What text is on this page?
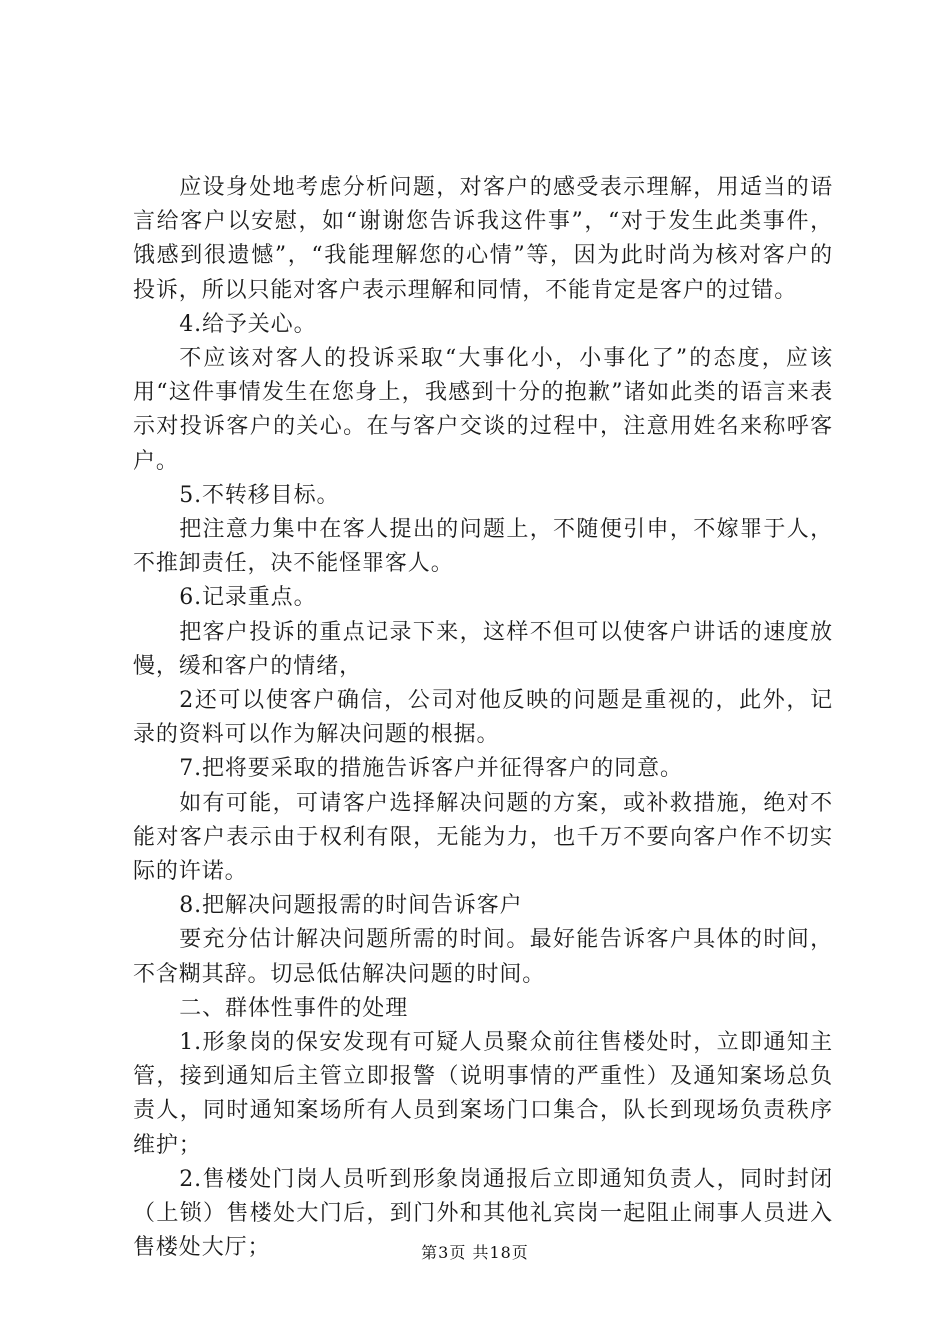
应设身处地考虑分析问题，对客户的感受表示理解，用适当的语言给客户以安慰，如“谢谢您告诉我这件事”，“对于发生此类事件，饿感到很遗憾”，“我能理解您的心情”等，因为此时尚为核对客户的投诉，所以只能对客户表示理解和同情，不能肯定是客户的过错。

4.给予关心。

不应该对客人的投诉采取“大事化小，小事化了”的态度，应该用“这件事情发生在您身上，我感到十分的抱歉”诸如此类的语言来表示对投诉客户的关心。在与客户交谈的过程中，注意用姓名来称呼客户。

5.不转移目标。

把注意力集中在客人提出的问题上，不随便引申，不嫁罪于人，不推卸责任，决不能怪罪客人。

6.记录重点。

把客户投诉的重点记录下来，这样不但可以使客户讲话的速度放慢，缓和客户的情绪，

2还可以使客户确信，公司对他反映的问题是重视的，此外，记录的资料可以作为解决问题的根据。

7.把将要采取的措施告诉客户并征得客户的同意。

如有可能，可请客户选择解决问题的方案，或补救措施，绝对不能对客户表示由于权利有限，无能为力，也千万不要向客户作不切实际的许诺。

8.把解决问题报需的时间告诉客户

要充分估计解决问题所需的时间。最好能告诉客户具体的时间，不含糊其辞。切忌低估解决问题的时间。

二、群体性事件的处理

1.形象岗的保安发现有可疑人员聚众前往售楼处时，立即通知主管，接到通知后主管立即报警（说明事情的严重性）及通知案场总负责人，同时通知案场所有人员到案场门口集合，队长到现场负责秩序维护；

2.售楼处门岗人员听到形象岗通报后立即通知负责人，同时封闭（上锁）售楼处大门后，到门外和其他礼宾岗一起阻止闹事人员进入售楼处大厅；	第3页 共18页
